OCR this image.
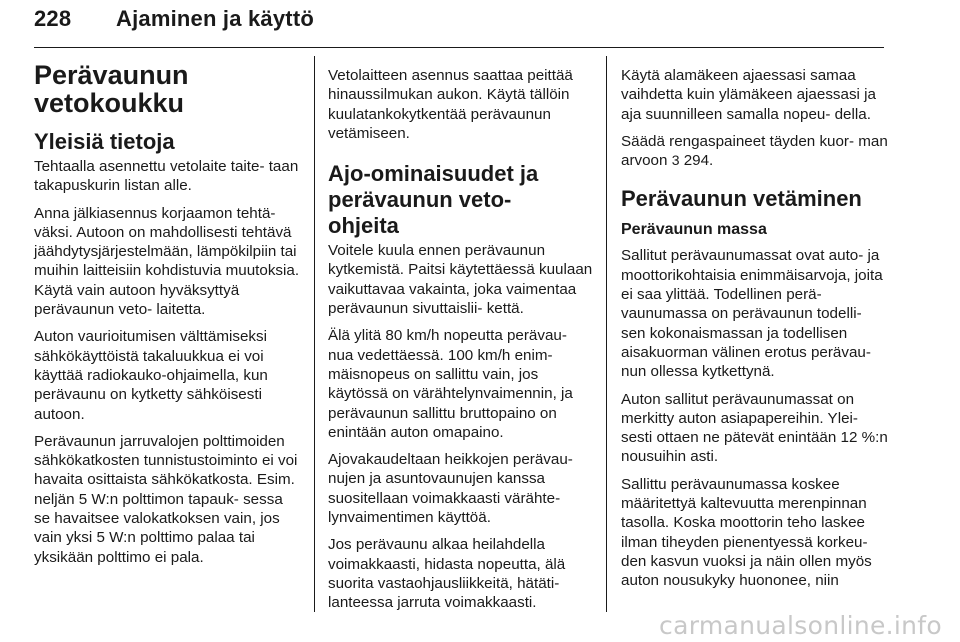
228 Ajaminen ja käyttö
Perävaunun vetokoukku
Yleisiä tietoja

Tehtaalla asennettu vetolaite taite- taan takapuskurin listan alle.

Anna jälkiasennus korjaamon tehtä- väksi. Autoon on mahdollisesti tehtävä jäähdytysjärjestelmään, lämpökilpiin tai muihin laitteisiin kohdistuvia muutoksia. Käytä vain autoon hyväksyttyä perävaunun veto- laitetta.

Auton vaurioitumisen välttämiseksi sähkökäyttöistä takaluukkua ei voi käyttää radiokauko-ohjaimella, kun perävaunu on kytketty sähköisesti autoon.

Perävaunun jarruvalojen polttimoiden sähkökatkosten tunnistustoiminto ei voi havaita osittaista sähkökatkosta. Esim. neljän 5 W:n polttimon tapauk- sessa se havaitsee valokatkoksen vain, jos vain yksi 5 W:n polttimo palaa tai yksikään polttimo ei pala.

Vetolaitteen asennus saattaa peittää hinaussilmukan aukon. Käytä tällöin kuulatankokytkentää perävaunun vetämiseen.

Ajo-ominaisuudet ja perävaunun veto-ohjeita

Voitele kuula ennen perävaunun kytkemistä. Paitsi käytettäessä kuulaan vaikuttavaa vakainta, joka vaimentaa perävaunun sivuttaislii- kettä.

Älä ylitä 80 km/h nopeutta perävau- nua vedettäessä. 100 km/h enim- mäisnopeus on sallittu vain, jos käytössä on värähtelynvaimennin, ja perävaunun sallittu bruttopaino on enintään auton omapaino.

Ajovakaudeltaan heikkojen perävau- nujen ja asuntovaunujen kanssa suositellaan voimakkaasti värähte- lynvaimentimen käyttöä.

Jos perävaunu alkaa heilahdella voimakkaasti, hidasta nopeutta, älä suorita vastaohjausliikkeitä, hätäti- lanteessa jarruta voimakkaasti.

Käytä alamäkeen ajaessasi samaa vaihdetta kuin ylämäkeen ajaessasi ja aja suunnilleen samalla nopeu- della.

Säädä rengaspaineet täyden kuor- man arvoon 3 294.

Perävaunun vetäminen
Perävaunun massa

Sallitut perävaunumassat ovat auto- ja moottorikohtaisia enimmäisarvoja, joita ei saa ylittää. Todellinen perä- vaunumassa on perävaunun todelli- sen kokonaismassan ja todellisen aisakuorman välinen erotus perävau- nun ollessa kytkettynä.

Auton sallitut perävaunumassat on merkitty auton asiapapereihin. Ylei- sesti ottaen ne pätevät enintään 12 %:n nousuihin asti.

Sallittu perävaunumassa koskee määritettyä kaltevuutta merenpinnan tasolla. Koska moottorin teho laskee ilman tiheyden pienentyessä korkeu- den kasvun vuoksi ja näin ollen myös auton nousukyky huononee, niin

carmanualsonline.info
